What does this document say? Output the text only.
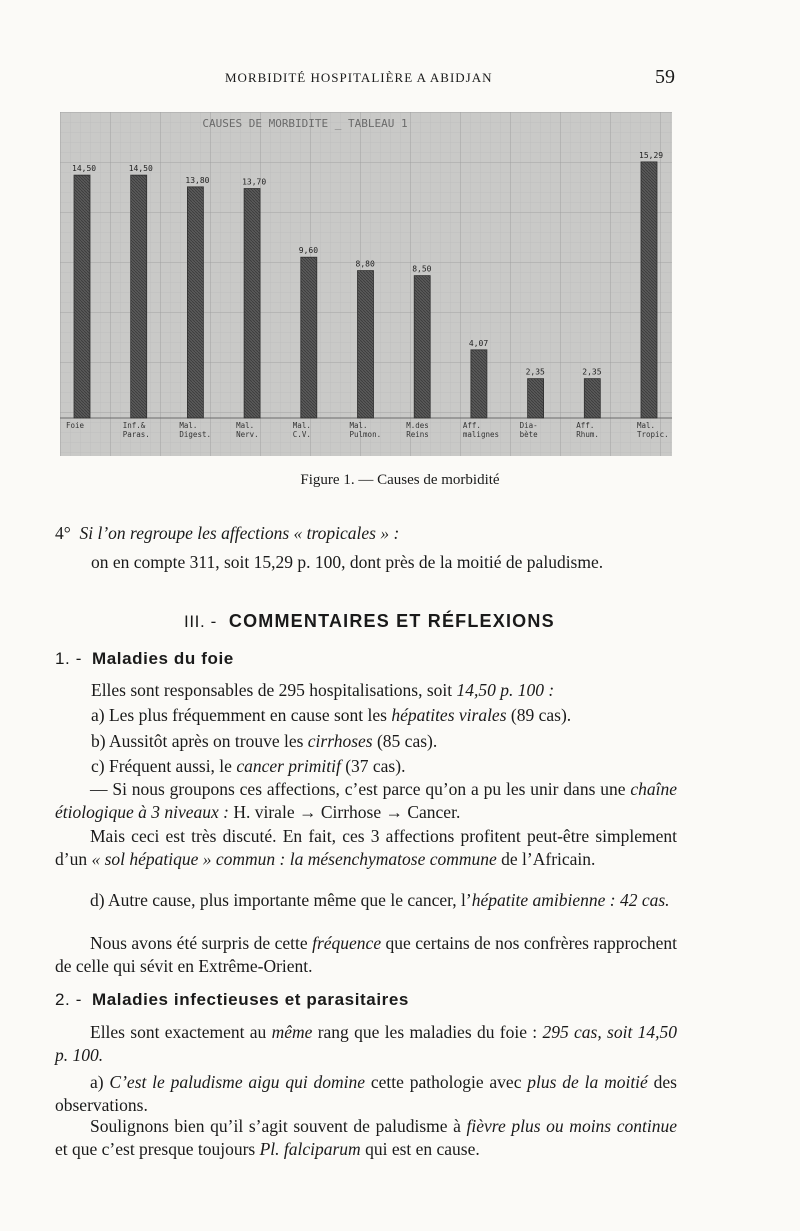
MORBIDITÉ HOSPITALIÈRE A ABIDJAN	59
CAUSES DE MORBIDITE _ TABLEAU 1
14,50
Foie
14,50
Inf.&
Paras.
13,80
Mal.
Digest.
13,70
Mal.
Nerv.
9,60
Mal.
C.V.
8,80
Mal.
Pulmon.
8,50
M.des
Reins
4,07
Aff.
malignes
2,35
Dia-
bète
2,35
Aff.
Rhum.
15,29
Mal.
Tropic.
Figure 1. — Causes de morbidité

4° Si l’on regroupe les affections « tropicales » :

on en compte 311, soit 15,29 p. 100, dont près de la moitié de paludisme.

III. - COMMENTAIRES ET RÉFLEXIONS
1. - Maladies du foie

Elles sont responsables de 295 hospitalisations, soit 14,50 p. 100 :

a) Les plus fréquemment en cause sont les hépatites virales (89 cas).

b) Aussitôt après on trouve les cirrhoses (85 cas).

c) Fréquent aussi, le cancer primitif (37 cas).

— Si nous groupons ces affections, c’est parce qu’on a pu les unir dans une chaîne étiologique à 3 niveaux : H. virale → Cirrhose → Cancer.

Mais ceci est très discuté. En fait, ces 3 affections profitent peut-être simplement d’un « sol hépatique » commun : la mésenchymatose commune de l’Africain.

d) Autre cause, plus importante même que le cancer, l’hépatite amibienne : 42 cas.

Nous avons été surpris de cette fréquence que certains de nos confrères rapprochent de celle qui sévit en Extrême-Orient.

2. - Maladies infectieuses et parasitaires

Elles sont exactement au même rang que les maladies du foie : 295 cas, soit 14,50 p. 100.

a) C’est le paludisme aigu qui domine cette pathologie avec plus de la moitié des observations.

Soulignons bien qu’il s’agit souvent de paludisme à fièvre plus ou moins continue et que c’est presque toujours Pl. falciparum qui est en cause.
